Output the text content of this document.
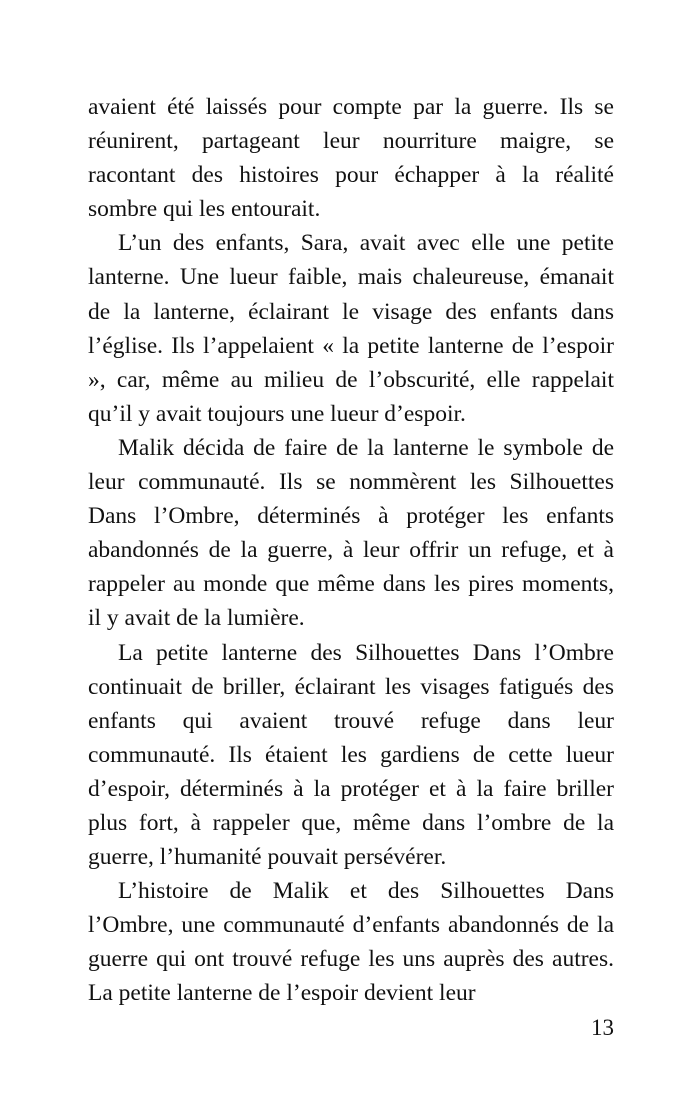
avaient été laissés pour compte par la guerre. Ils se réunirent, partageant leur nourriture maigre, se racontant des histoires pour échapper à la réalité sombre qui les entourait.

L’un des enfants, Sara, avait avec elle une petite lanterne. Une lueur faible, mais chaleureuse, émanait de la lanterne, éclairant le visage des enfants dans l’église. Ils l’appelaient « la petite lanterne de l’espoir », car, même au milieu de l’obscurité, elle rappelait qu’il y avait toujours une lueur d’espoir.

Malik décida de faire de la lanterne le symbole de leur communauté. Ils se nommèrent les Silhouettes Dans l’Ombre, déterminés à protéger les enfants abandonnés de la guerre, à leur offrir un refuge, et à rappeler au monde que même dans les pires moments, il y avait de la lumière.

La petite lanterne des Silhouettes Dans l’Ombre continuait de briller, éclairant les visages fatigués des enfants qui avaient trouvé refuge dans leur communauté. Ils étaient les gardiens de cette lueur d’espoir, déterminés à la protéger et à la faire briller plus fort, à rappeler que, même dans l’ombre de la guerre, l’humanité pouvait persévérer.

L’histoire de Malik et des Silhouettes Dans l’Ombre, une communauté d’enfants abandonnés de la guerre qui ont trouvé refuge les uns auprès des autres. La petite lanterne de l’espoir devient leur

13
